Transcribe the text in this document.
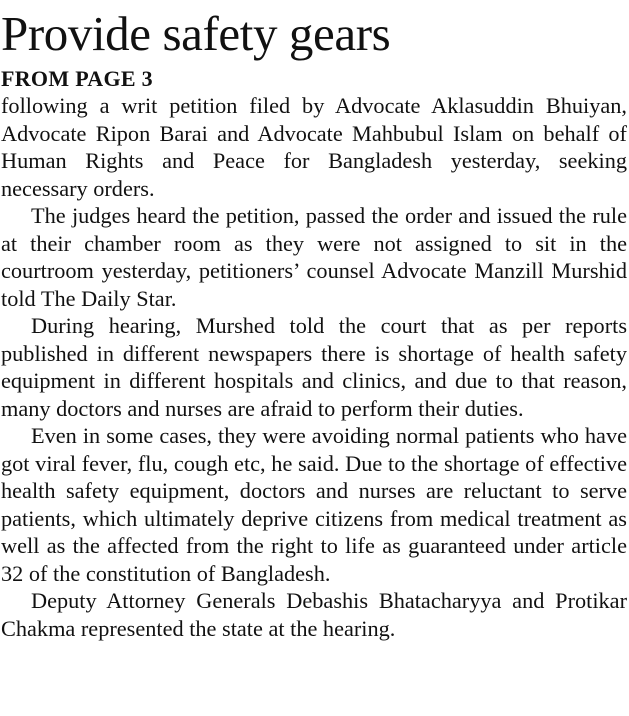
Provide safety gears
FROM PAGE 3

following a writ petition filed by Advocate Aklasuddin Bhuiyan, Advocate Ripon Barai and Advocate Mahbubul Islam on behalf of Human Rights and Peace for Bangladesh yesterday, seeking necessary orders.

The judges heard the petition, passed the order and issued the rule at their chamber room as they were not assigned to sit in the courtroom yesterday, petitioners’ counsel Advocate Manzill Murshid told The Daily Star.

During hearing, Murshed told the court that as per reports published in different newspapers there is shortage of health safety equipment in different hospitals and clinics, and due to that reason, many doctors and nurses are afraid to perform their duties.

Even in some cases, they were avoiding normal patients who have got viral fever, flu, cough etc, he said. Due to the shortage of effective health safety equipment, doctors and nurses are reluctant to serve patients, which ultimately deprive citizens from medical treatment as well as the affected from the right to life as guaranteed under article 32 of the constitution of Bangladesh.

Deputy Attorney Generals Debashis Bhatacharyya and Protikar Chakma represented the state at the hearing.
